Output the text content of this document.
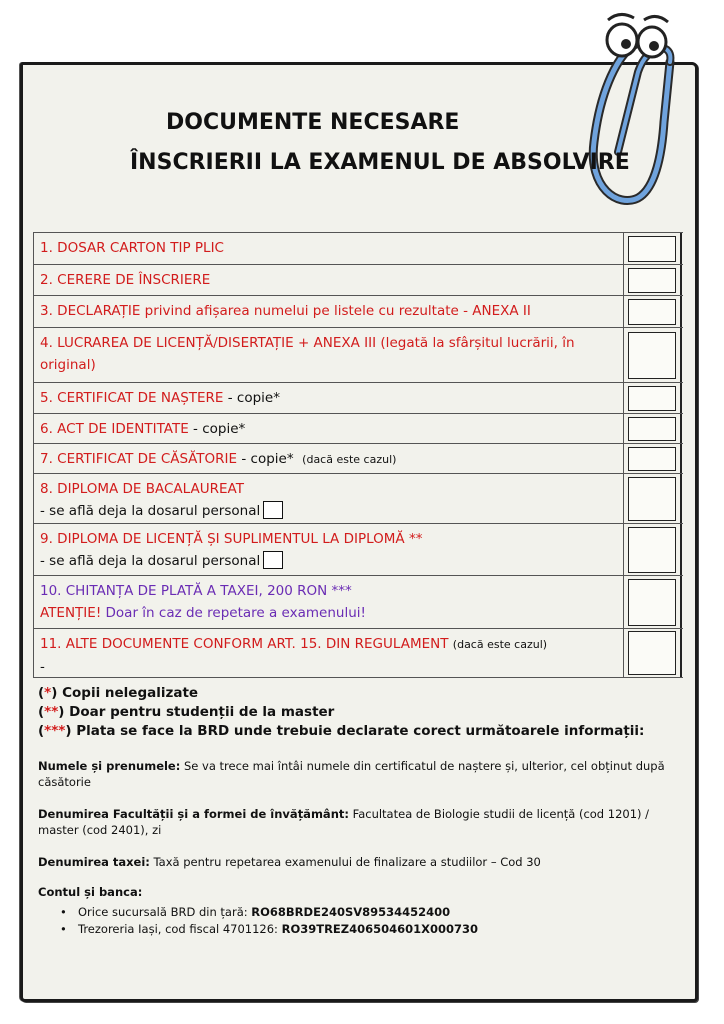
DOCUMENTE NECESARE
ÎNSCRIERII LA EXAMENUL DE ABSOLVIRE
1. DOSAR CARTON TIP PLIC
2. CERERE DE ÎNSCRIERE
3. DECLARAȚIE privind afișarea numelui pe listele cu rezultate - ANEXA II
4. LUCRAREA DE LICENȚĂ/DISERTAȚIE + ANEXA III (legată la sfârșitul lucrării, în original)
5. CERTIFICAT DE NAȘTERE - copie*
6. ACT DE IDENTITATE - copie*
7. CERTIFICAT DE CĂSĂTORIE - copie* (dacă este cazul)
8. DIPLOMA DE BACALAUREAT
- se află deja la dosarul personal
9. DIPLOMA DE LICENȚĂ ȘI SUPLIMENTUL LA DIPLOMĂ **
- se află deja la dosarul personal
10. CHITANȚA DE PLATĂ A TAXEI, 200 RON ***
ATENȚIE! Doar în caz de repetare a examenului!
11. ALTE DOCUMENTE CONFORM ART. 15. DIN REGULAMENT (dacă este cazul)
-
(*) Copii nelegalizate
(**) Doar pentru studenții de la master
(***) Plata se face la BRD unde trebuie declarate corect următoarele informații:
Numele și prenumele: Se va trece mai întâi numele din certificatul de naștere și, ulterior, cel obținut după căsătorie
Denumirea Facultății și a formei de învățământ: Facultatea de Biologie studii de licență (cod 1201) / master (cod 2401), zi
Denumirea taxei: Taxă pentru repetarea examenului de finalizare a studiilor – Cod 30
Contul și banca:
• Orice sucursală BRD din țară: RO68BRDE240SV89534452400
• Trezoreria Iași, cod fiscal 4701126: RO39TREZ406504601X000730
